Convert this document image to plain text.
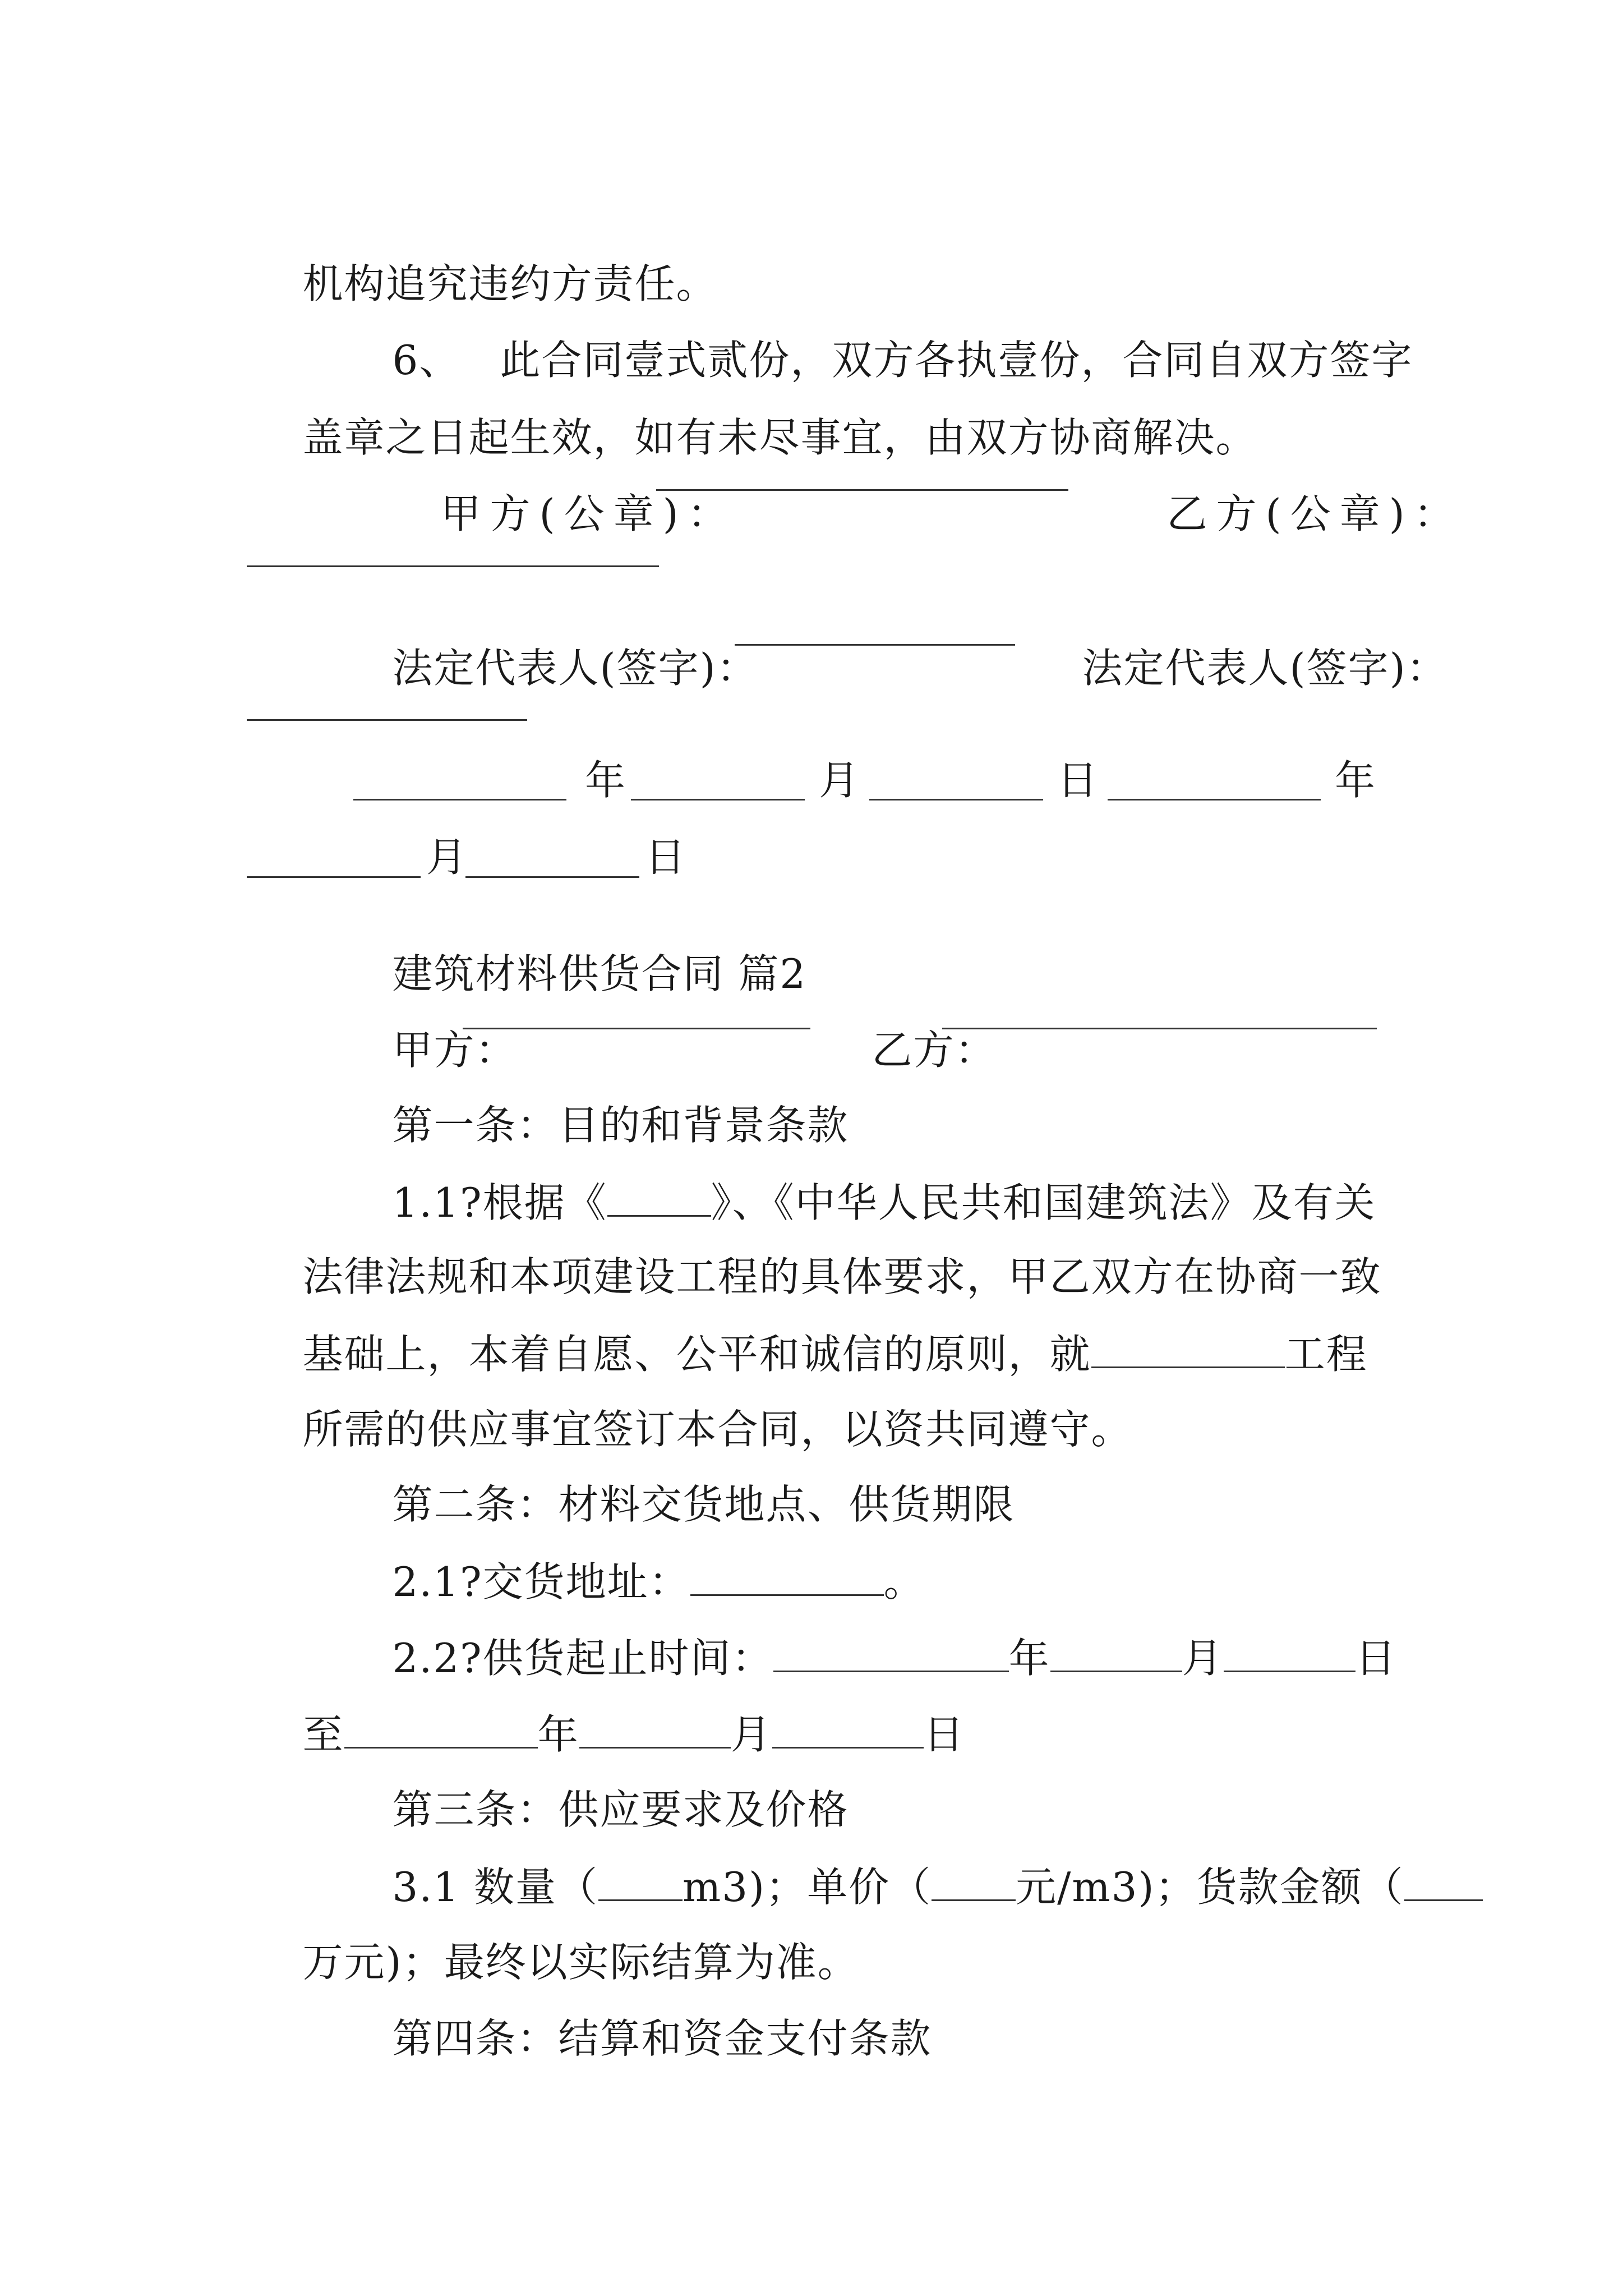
机构追究违约方责任。

6、 此合同壹式贰份，双方各执壹份，合同自双方签字

盖章之日起生效，如有未尽事宜，由双方协商解决。

甲方(公章)：
	乙方(公章)：

法定代表人(签字)：
	法定代表人(签字)：

年	月	日	年
月	日

建筑材料供货合同 篇2

甲方：
	乙方：

第一条：目的和背景条款

1.1?根据《	》、《中华人民共和国建筑法》及有关

法律法规和本项建设工程的具体要求，甲乙双方在协商一致

基础上，本着自愿、公平和诚信的原则，就	工程

所需的供应事宜签订本合同，以资共同遵守。

第二条：材料交货地点、供货期限

2.1?交货地址：	。

2.2?供货起止时间：	年	月	日

至	年	月	日

第三条：供应要求及价格

3.1 数量（ m3)；单价（ 元/m3)；货款金额（

万元)；最终以实际结算为准。

第四条：结算和资金支付条款
